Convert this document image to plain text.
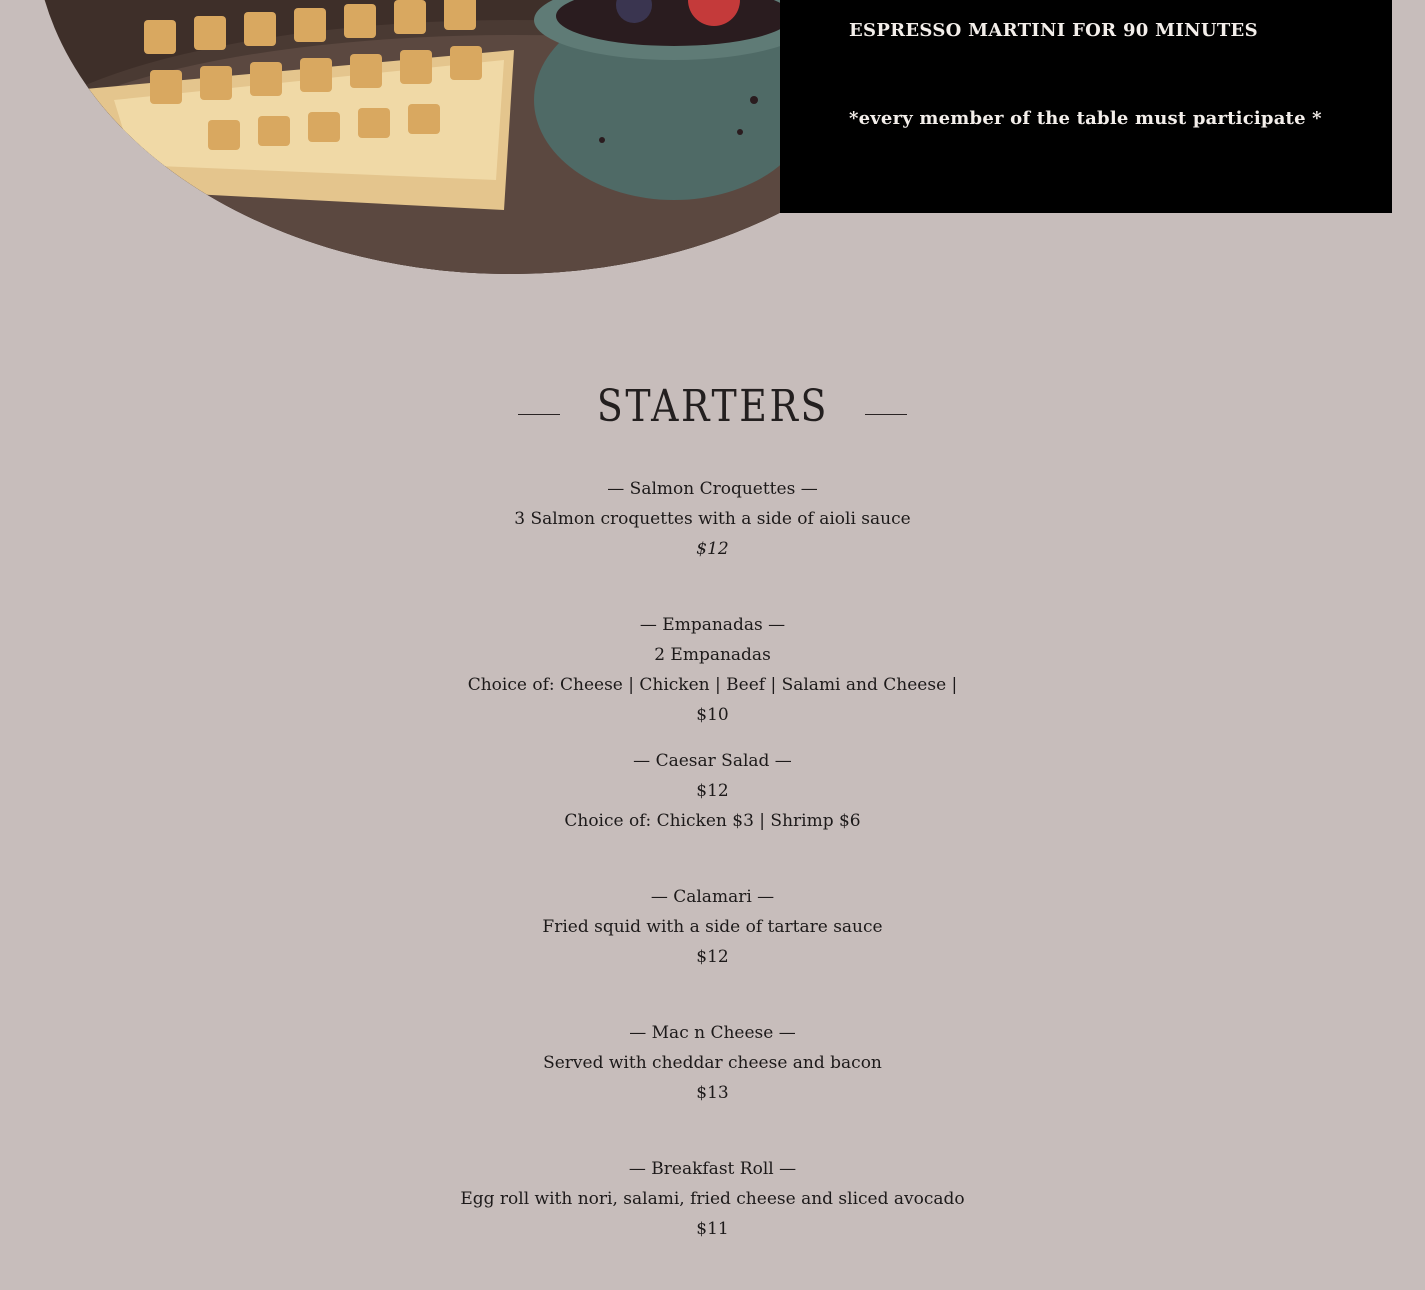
ESPRESSO MARTINI FOR 90 MINUTES
*every member of the table must participate *
STARTERS
— Salmon Croquettes —
3 Salmon croquettes with a side of aioli sauce
$12
— Empanadas —
2 Empanadas
Choice of: Cheese | Chicken | Beef | Salami and Cheese |
$10
— Caesar Salad —
$12
Choice of: Chicken $3 | Shrimp $6
— Calamari —
Fried squid with a side of tartare sauce
$12
— Mac n Cheese —
Served with cheddar cheese and bacon
$13
— Breakfast Roll —
Egg roll with nori, salami, fried cheese and sliced avocado
$11
